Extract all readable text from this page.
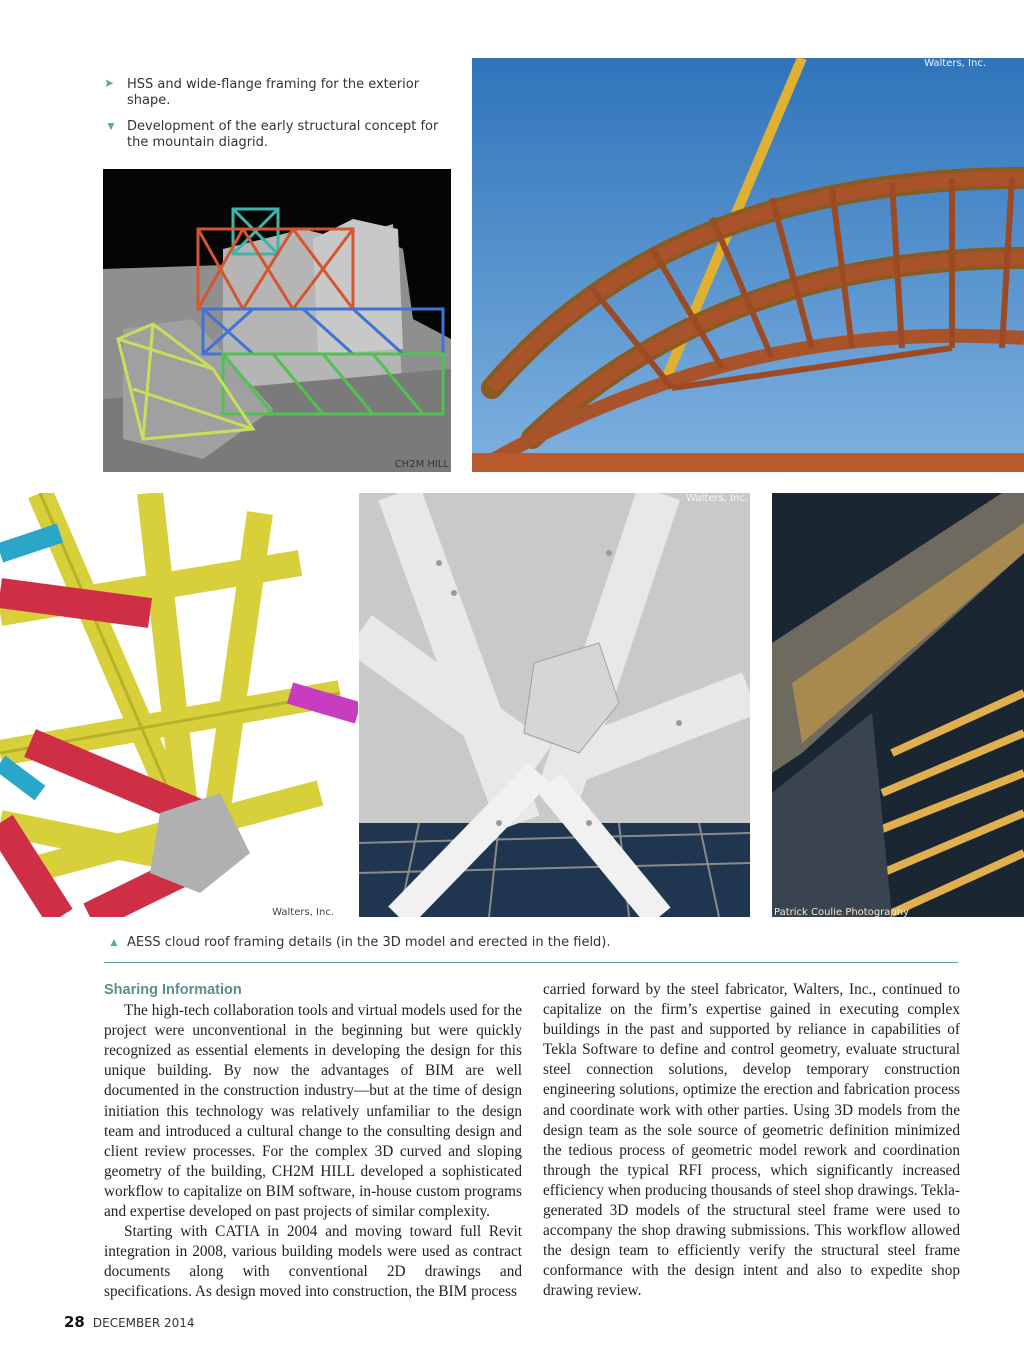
➤ HSS and wide-flange framing for the exterior shape.
▼ Development of the early structural concept for the mountain diagrid.
CH2M HILL
Walters, Inc.
Walters, Inc.
Walters, Inc.
Patrick Coulie Photography
▲ AESS cloud roof framing details (in the 3D model and erected in the field).
Sharing Information

The high-tech collaboration tools and virtual models used for the project were unconventional in the beginning but were quickly recognized as essential elements in developing the design for this unique building. By now the advantages of BIM are well documented in the construction industry—but at the time of design initiation this technology was relatively unfamiliar to the design team and introduced a cultural change to the consulting design and client review processes. For the complex 3D curved and sloping geometry of the building, CH2M HILL developed a sophisticated workflow to capitalize on BIM software, in-house custom programs and expertise developed on past projects of similar complexity.

Starting with CATIA in 2004 and moving toward full Revit integration in 2008, various building models were used as contract documents along with conventional 2D drawings and specifications. As design moved into construction, the BIM process

carried forward by the steel fabricator, Walters, Inc., continued to capitalize on the firm’s expertise gained in executing complex buildings in the past and supported by reliance in capabilities of Tekla Software to define and control geometry, evaluate structural steel connection solutions, develop temporary construction engineering solutions, optimize the erection and fabrication process and coordinate work with other parties. Using 3D models from the design team as the sole source of geometric definition minimized the tedious process of geometric model rework and coordination through the typical RFI process, which significantly increased efficiency when producing thousands of steel shop drawings. Tekla-generated 3D models of the structural steel frame were used to accompany the shop drawing submissions. This workflow allowed the design team to efficiently verify the structural steel frame conformance with the design intent and also to expedite shop drawing review.

28 DECEMBER 2014
